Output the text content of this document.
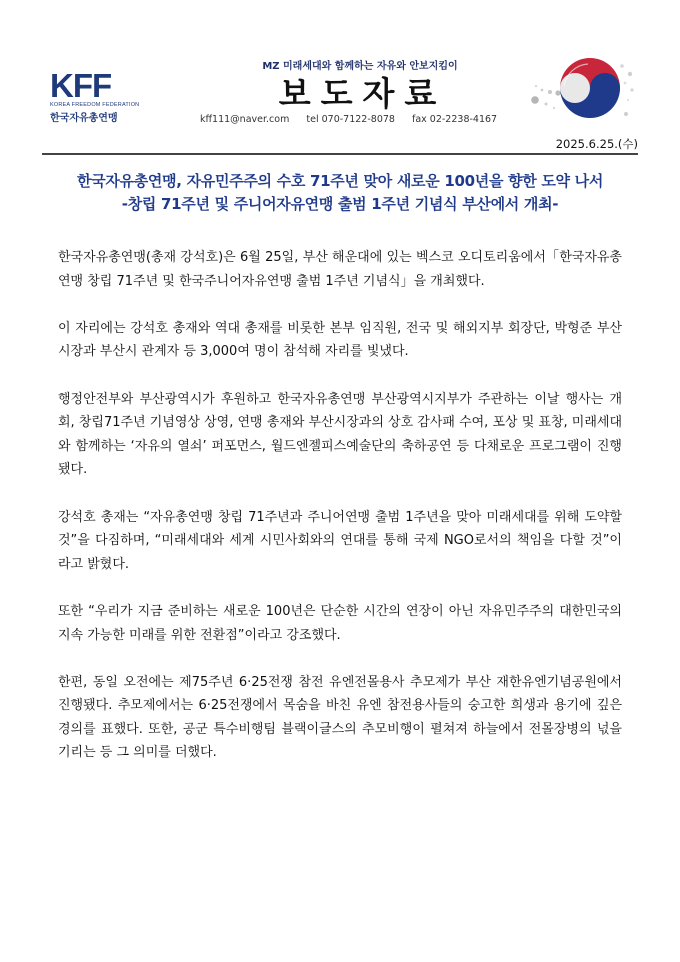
KFF
KOREA FREEDOM FEDERATION
한국자유총연맹
MZ 미래세대와 함께하는 자유와 안보지킴이
보도자료
kff111@naver.com tel 070-7122-8078 fax 02-2238-4167
2025.6.25.(수)
한국자유총연맹, 자유민주주의 수호 71주년 맞아 새로운 100년을 향한 도약 나서
-창립 71주년 및 주니어자유연맹 출범 1주년 기념식 부산에서 개최-

한국자유총연맹(총재 강석호)은 6월 25일, 부산 해운대에 있는 벡스코 오디토리움에서「한국자유총연맹 창립 71주년 및 한국주니어자유연맹 출범 1주년 기념식」을 개최했다.

이 자리에는 강석호 총재와 역대 총재를 비롯한 본부 임직원, 전국 및 해외지부 회장단, 박형준 부산시장과 부산시 관계자 등 3,000여 명이 참석해 자리를 빛냈다.

행정안전부와 부산광역시가 후원하고 한국자유총연맹 부산광역시지부가 주관하는 이날 행사는 개회, 창립71주년 기념영상 상영, 연맹 총재와 부산시장과의 상호 감사패 수여, 포상 및 표창, 미래세대와 함께하는 ‘자유의 열쇠’ 퍼포먼스, 월드엔젤피스예술단의 축하공연 등 다채로운 프로그램이 진행됐다.

강석호 총재는 “자유총연맹 창립 71주년과 주니어연맹 출범 1주년을 맞아 미래세대를 위해 도약할 것”을 다짐하며, “미래세대와 세계 시민사회와의 연대를 통해 국제 NGO로서의 책임을 다할 것”이라고 밝혔다.

또한 “우리가 지금 준비하는 새로운 100년은 단순한 시간의 연장이 아닌 자유민주주의 대한민국의 지속 가능한 미래를 위한 전환점”이라고 강조했다.

한편, 동일 오전에는 제75주년 6·25전쟁 참전 유엔전몰용사 추모제가 부산 재한유엔기념공원에서 진행됐다. 추모제에서는 6·25전쟁에서 목숨을 바친 유엔 참전용사들의 숭고한 희생과 용기에 깊은 경의를 표했다. 또한, 공군 특수비행팀 블랙이글스의 추모비행이 펼쳐져 하늘에서 전몰장병의 넋을 기리는 등 그 의미를 더했다.
